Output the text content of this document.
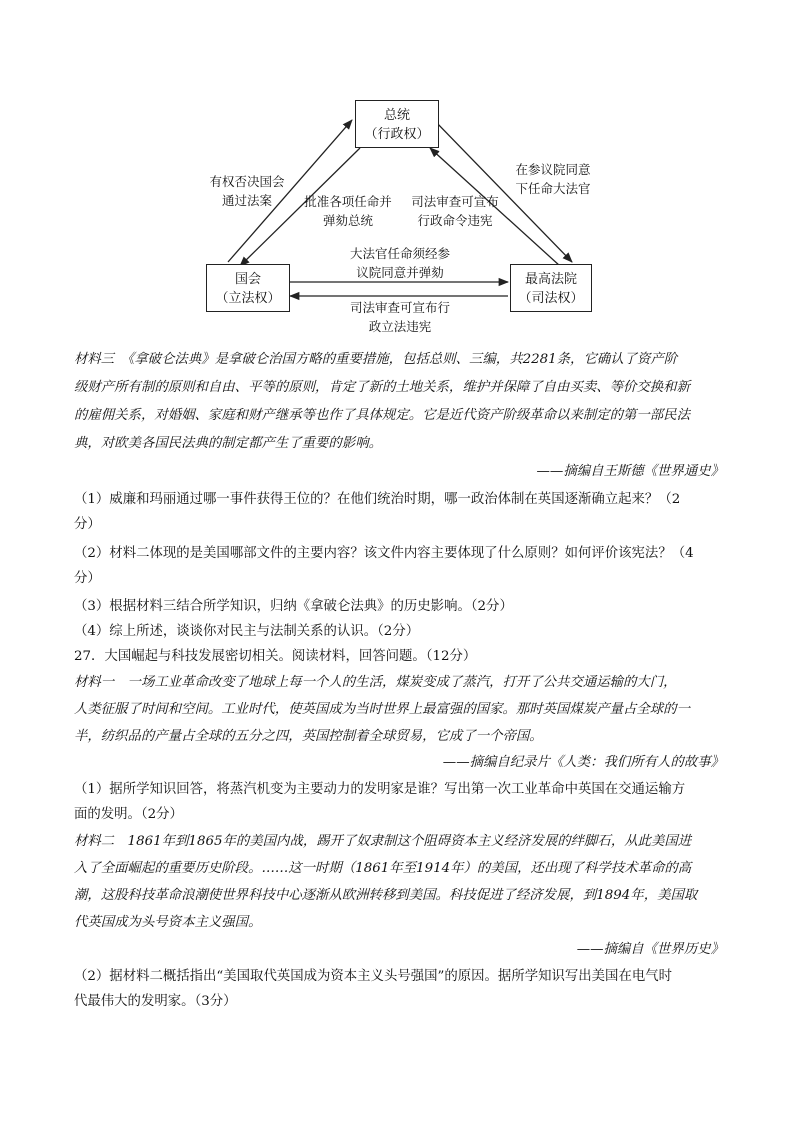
总统
（行政权）
国会
（立法权）
最高法院
（司法权）
有权否决国会
通过法案	批准各项任命并
弹劾总统
司法审查可宣布
行政命令违宪
在参议院同意
下任命大法官
大法官任命须经参
议院同意并弹劾
司法审查可宣布行
政立法违宪
材料三　《拿破仑法典》是拿破仑治国方略的重要措施，包括总则、三编，共2281条，它确认了资产阶
级财产所有制的原则和自由、平等的原则，肯定了新的土地关系，维护并保障了自由买卖、等价交换和新
的雇佣关系，对婚姻、家庭和财产继承等也作了具体规定。它是近代资产阶级革命以来制定的第一部民法
典，对欧美各国民法典的制定都产生了重要的影响。
——摘编自王斯德《世界通史》
（1）威廉和玛丽通过哪一事件获得王位的？在他们统治时期，哪一政治体制在英国逐渐确立起来？（2
分）
（2）材料二体现的是美国哪部文件的主要内容？该文件内容主要体现了什么原则？如何评价该宪法？（4
分）
（3）根据材料三结合所学知识，归纳《拿破仑法典》的历史影响。（2分）
（4）综上所述，谈谈你对民主与法制关系的认识。（2分）
27．大国崛起与科技发展密切相关。阅读材料，回答问题。（12分）
材料一　一场工业革命改变了地球上每一个人的生活，煤炭变成了蒸汽，打开了公共交通运输的大门，
人类征服了时间和空间。工业时代，使英国成为当时世界上最富强的国家。那时英国煤炭产量占全球的一
半，纺织品的产量占全球的五分之四，英国控制着全球贸易，它成了一个帝国。
——摘编自纪录片《人类：我们所有人的故事》
（1）据所学知识回答，将蒸汽机变为主要动力的发明家是谁？写出第一次工业革命中英国在交通运输方
面的发明。（2分）
材料二　1861年到1865年的美国内战，踢开了奴隶制这个阻碍资本主义经济发展的绊脚石，从此美国进
入了全面崛起的重要历史阶段。……这一时期（1861年至1914年）的美国，还出现了科学技术革命的高
潮，这股科技革命浪潮使世界科技中心逐渐从欧洲转移到美国。科技促进了经济发展，到1894年，美国取
代英国成为头号资本主义强国。
——摘编自《世界历史》
（2）据材料二概括指出“美国取代英国成为资本主义头号强国”的原因。据所学知识写出美国在电气时
代最伟大的发明家。（3分）
